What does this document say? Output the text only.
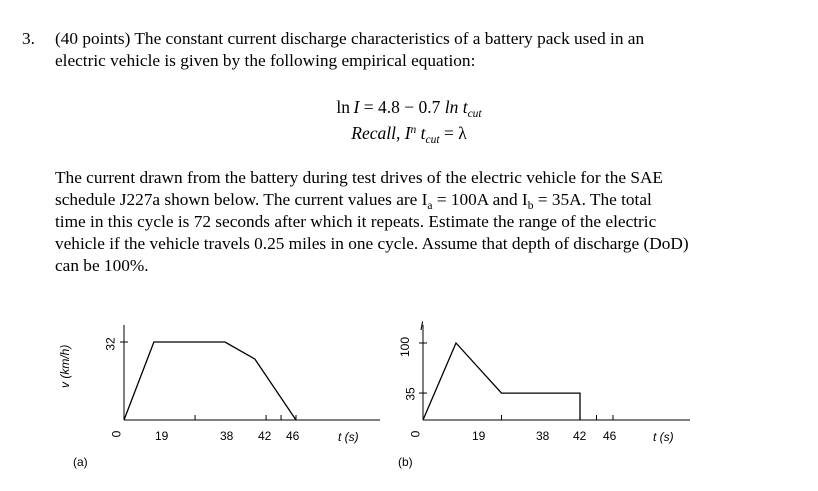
3. (40 points) The constant current discharge characteristics of a battery pack used in an
electric vehicle is given by the following empirical equation:
ln  I = 4.8 − 0.7 $\ln t_{cut}$
Recall, $I^n$ $t_{cut} = \lambda$
The current drawn from the battery during test drives of the electric vehicle for the SAE
schedule J227a shown below. The current values are $I_a = 100A$ and $I_b = 35A$. The total
time in this cycle is 72 seconds after which it repeats. Estimate the range of the electric
vehicle if the vehicle travels 0.25 miles in one cycle. Assume that depth of discharge (DoD)
can be 100%.
v (km/h)
32
0	19	38 42 46	t (s)
(a)
I
100
35
0	19	38 42 46	t (s)
(b)
